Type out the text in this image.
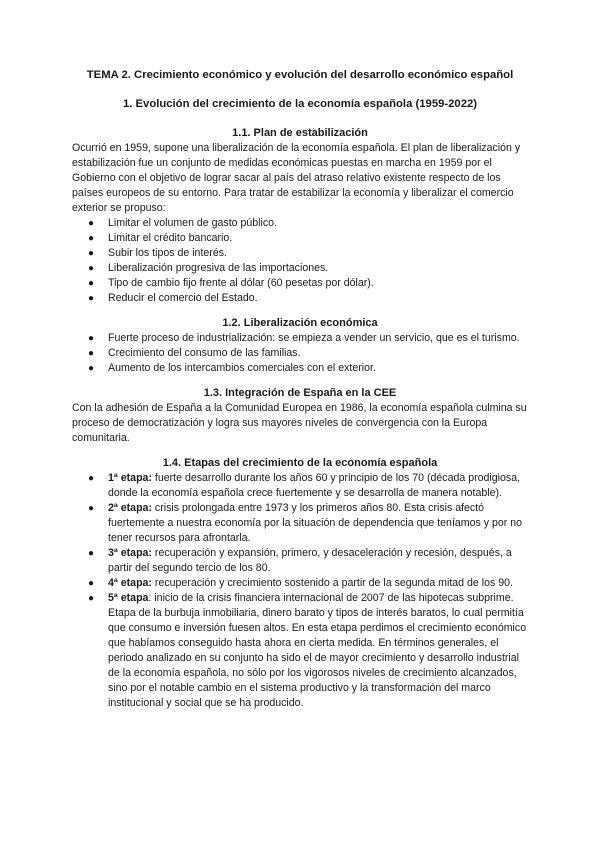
TEMA 2. Crecimiento económico y evolución del desarrollo económico español

1. Evolución del crecimiento de la economía española (1959-2022)

1.1. Plan de estabilización

Ocurrió en 1959, supone una liberalización de la economía española. El plan de liberalización y estabilización fue un conjunto de medidas económicas puestas en marcha en 1959 por el Gobierno con el objetivo de lograr sacar al país del atraso relativo existente respecto de los países europeos de su entorno. Para tratar de estabilizar la economía y liberalizar el comercio exterior se propuso:

● Limitar el volumen de gasto público.
● Limitar el crédito bancario.
● Subir los tipos de interés.
● Liberalización progresiva de las importaciones.
● Tipo de cambio fijo frente al dólar (60 pesetas por dólar).
● Reducir el comercio del Estado.

1.2. Liberalización económica

● Fuerte proceso de industrialización: se empieza a vender un servicio, que es el turismo.
● Crecimiento del consumo de las familias.
● Aumento de los intercambios comerciales con el exterior.

1.3. Integración de España en la CEE

Con la adhesión de España a la Comunidad Europea en 1986, la economía española culmina su proceso de democratización y logra sus mayores niveles de convergencia con la Europa comunitaria.

1.4. Etapas del crecimiento de la economía española

● 1ª etapa: fuerte desarrollo durante los años 60 y principio de los 70 (década prodigiosa, donde la economía española crece fuertemente y se desarrolla de manera notable).
● 2ª etapa: crisis prolongada entre 1973 y los primeros años 80. Esta crisis afectó fuertemente a nuestra economía por la situación de dependencia que teníamos y por no tener recursos para afrontarla.
● 3ª etapa: recuperación y expansión, primero, y desaceleración y recesión, después, a partir del segundo tercio de los 80.
● 4ª etapa: recuperación y crecimiento sostenido a partir de la segunda mitad de los 90.
● 5ª etapa: inicio de la crisis financiera internacional de 2007 de las hipotecas subprime. Etapa de la burbuja inmobiliaria, dinero barato y tipos de interés baratos, lo cual permitía que consumo e inversión fuesen altos. En esta etapa perdimos el crecimiento económico que habíamos conseguido hasta ahora en cierta medida. En términos generales, el periodo analizado en su conjunto ha sido el de mayor crecimiento y desarrollo industrial de la economía española, no sólo por los vigorosos niveles de crecimiento alcanzados, sino por el notable cambio en el sistema productivo y la transformación del marco institucional y social que se ha producido.
